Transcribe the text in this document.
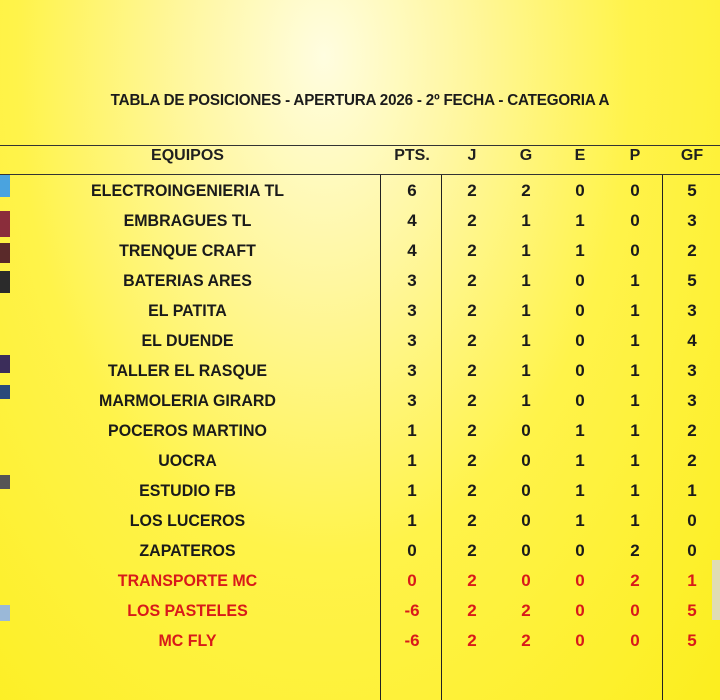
TABLA DE POSICIONES - APERTURA 2026 - 2º FECHA - CATEGORIA A
EQUIPOS	PTS.	J	G	E	P	GF
ELECTROINGENIERIA TL	6	2	2	0	0	5
EMBRAGUES TL	4	2	1	1	0	3
TRENQUE CRAFT	4	2	1	1	0	2
BATERIAS ARES	3	2	1	0	1	5
EL PATITA	3	2	1	0	1	3
EL DUENDE	3	2	1	0	1	4
TALLER EL RASQUE	3	2	1	0	1	3
MARMOLERIA GIRARD	3	2	1	0	1	3
POCEROS MARTINO	1	2	0	1	1	2
UOCRA	1	2	0	1	1	2
ESTUDIO FB	1	2	0	1	1	1
LOS LUCEROS	1	2	0	1	1	0
ZAPATEROS	0	2	0	0	2	0
TRANSPORTE MC	0	2	0	0	2	1
LOS PASTELES	-6	2	2	0	0	5
MC FLY	-6	2	2	0	0	5
